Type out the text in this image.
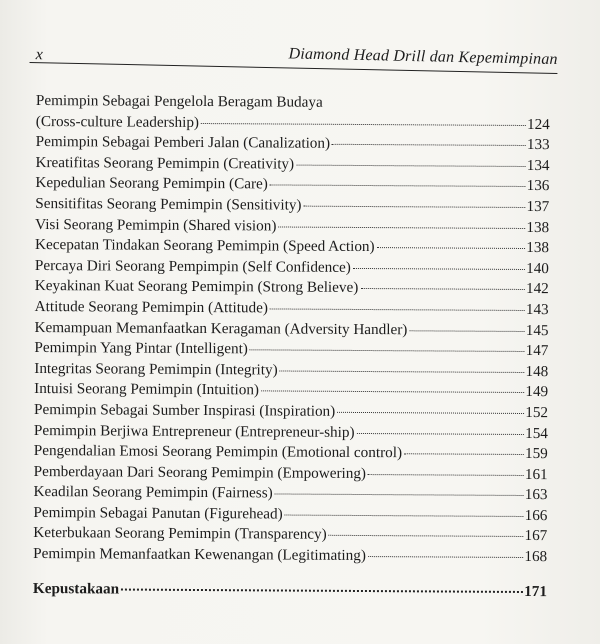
x	Diamond Head Drill dan Kepemimpinan
Pemimpin Sebagai Pengelola Beragam Budaya
(Cross-culture Leadership)	124
Pemimpin Sebagai Pemberi Jalan (Canalization)	133
Kreatifitas Seorang Pemimpin (Creativity)	134
Kepedulian Seorang Pemimpin (Care)	136
Sensitifitas Seorang Pemimpin (Sensitivity)	137
Visi Seorang Pemimpin (Shared vision)	138
Kecepatan Tindakan Seorang Pemimpin (Speed Action)	138
Percaya Diri Seorang Pempimpin (Self Confidence)	140
Keyakinan Kuat Seorang Pemimpin (Strong Believe)	142
Attitude Seorang Pemimpin (Attitude)	143
Kemampuan Memanfaatkan Keragaman (Adversity Handler)	145
Pemimpin Yang Pintar (Intelligent)	147
Integritas Seorang Pemimpin (Integrity)	148
Intuisi Seorang Pemimpin (Intuition)	149
Pemimpin Sebagai Sumber Inspirasi (Inspiration)	152
Pemimpin Berjiwa Entrepreneur (Entrepreneur-ship)	154
Pengendalian Emosi Seorang Pemimpin (Emotional control)	159
Pemberdayaan Dari Seorang Pemimpin (Empowering)	161
Keadilan Seorang Pemimpin (Fairness)	163
Pemimpin Sebagai Panutan (Figurehead)	166
Keterbukaan Seorang Pemimpin (Transparency)	167
Pemimpin Memanfaatkan Kewenangan (Legitimating)	168
Kepustakaan	171
